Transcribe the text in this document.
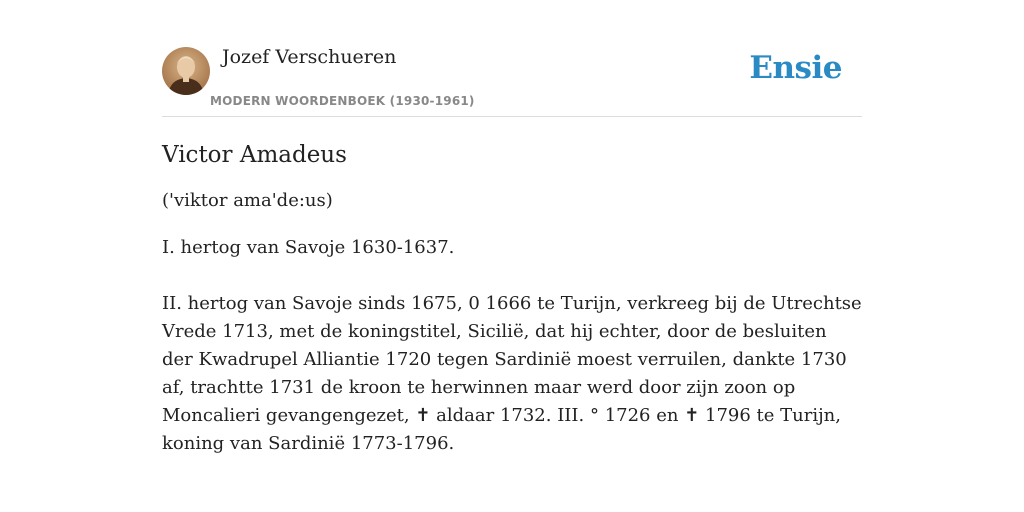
Jozef Verschueren
MODERN WOORDENBOEK (1930-1961)
Ensie
Victor Amadeus
('viktor ama'de:us)
I. hertog van Savoje 1630-1637.
II. hertog van Savoje sinds 1675, 0 1666 te Turijn, verkreeg bij de Utrechtse Vrede 1713, met de koningstitel, Sicilië, dat hij echter, door de besluiten der Kwadrupel Alliantie 1720 tegen Sardinië moest verruilen, dankte 1730 af, trachtte 1731 de kroon te herwinnen maar werd door zijn zoon op Moncalieri gevangengezet, ✝ aldaar 1732. III. ° 1726 en ✝ 1796 te Turijn, koning van Sardinië 1773-1796.
